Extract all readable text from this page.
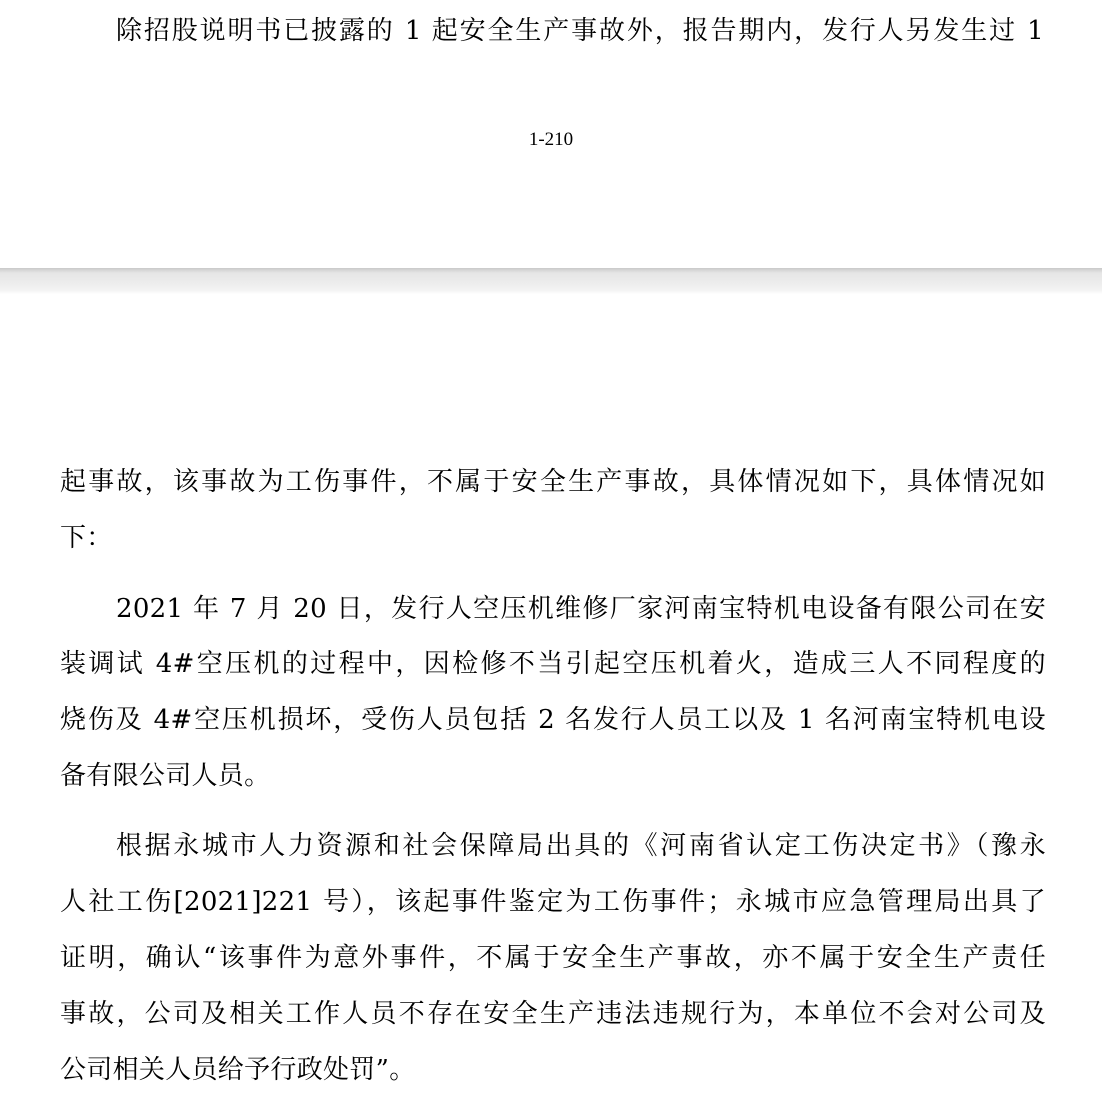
除招股说明书已披露的 1 起安全生产事故外，报告期内，发行人另发生过 1

1-210

起事故，该事故为工伤事件，不属于安全生产事故，具体情况如下，具体情况如

下：

2021 年 7 月 20 日，发行人空压机维修厂家河南宝特机电设备有限公司在安

装调试 4#空压机的过程中，因检修不当引起空压机着火，造成三人不同程度的

烧伤及 4#空压机损坏，受伤人员包括 2 名发行人员工以及 1 名河南宝特机电设

备有限公司人员。

根据永城市人力资源和社会保障局出具的《河南省认定工伤决定书》（豫永

人社工伤[2021]221 号），该起事件鉴定为工伤事件；永城市应急管理局出具了

证明，确认“该事件为意外事件，不属于安全生产事故，亦不属于安全生产责任

事故，公司及相关工作人员不存在安全生产违法违规行为，本单位不会对公司及

公司相关人员给予行政处罚”。
